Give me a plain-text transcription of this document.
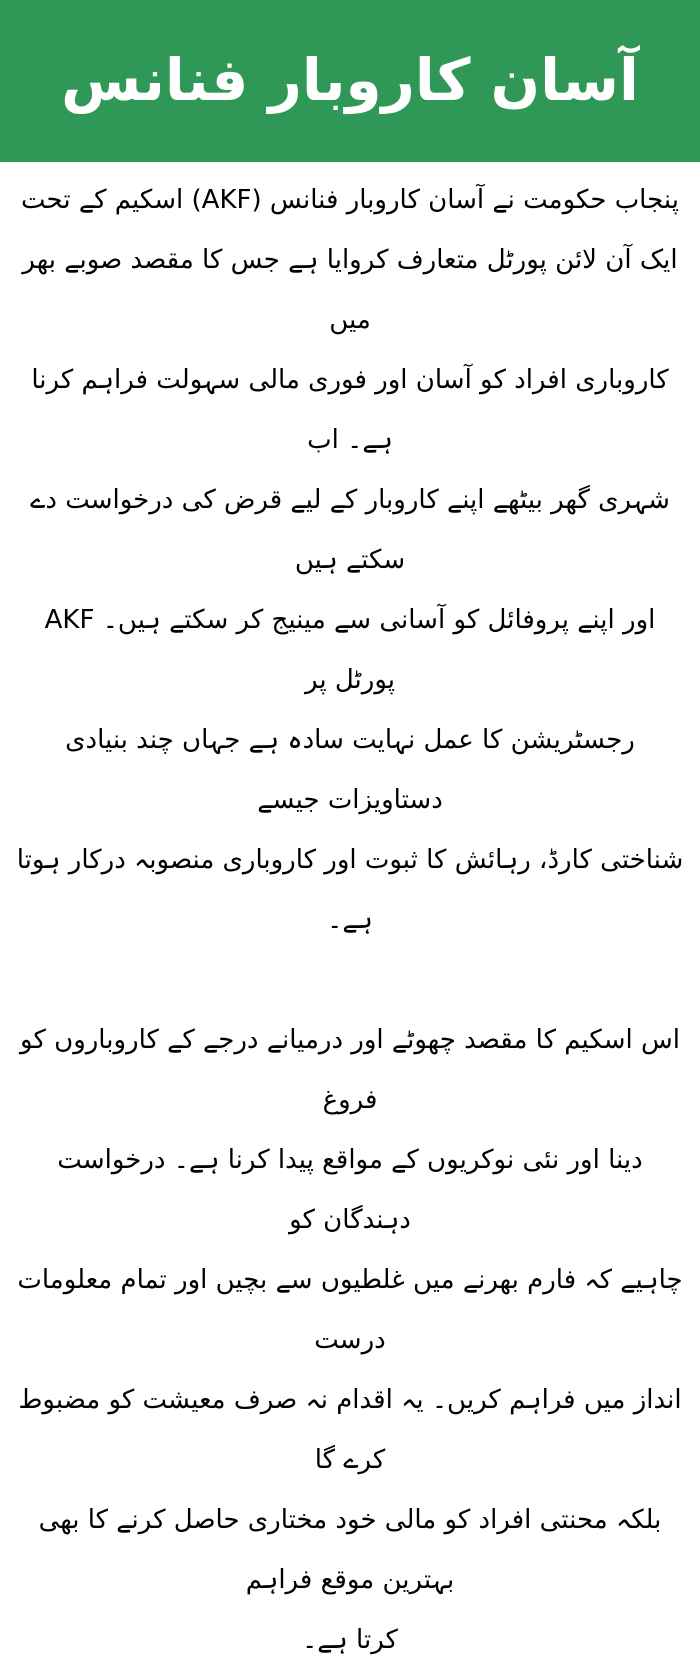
آسان کاروبار فنانس
پنجاب حکومت نے آسان کاروبار فنانس (AKF) اسکیم کے تحت
ایک آن لائن پورٹل متعارف کروایا ہے جس کا مقصد صوبے بھر میں
کاروباری افراد کو آسان اور فوری مالی سہولت فراہم کرنا ہے۔ اب
شہری گھر بیٹھے اپنے کاروبار کے لیے قرض کی درخواست دے سکتے ہیں
اور اپنے پروفائل کو آسانی سے مینیج کر سکتے ہیں۔ AKF پورٹل پر
رجسٹریشن کا عمل نہایت سادہ ہے جہاں چند بنیادی دستاویزات جیسے
شناختی کارڈ، رہائش کا ثبوت اور کاروباری منصوبہ درکار ہوتا ہے۔
اس اسکیم کا مقصد چھوٹے اور درمیانے درجے کے کاروباروں کو فروغ
دینا اور نئی نوکریوں کے مواقع پیدا کرنا ہے۔ درخواست دہندگان کو
چاہیے کہ فارم بھرنے میں غلطیوں سے بچیں اور تمام معلومات درست
انداز میں فراہم کریں۔ یہ اقدام نہ صرف معیشت کو مضبوط کرے گا
بلکہ محنتی افراد کو مالی خود مختاری حاصل کرنے کا بھی بہترین موقع فراہم
کرتا ہے۔
